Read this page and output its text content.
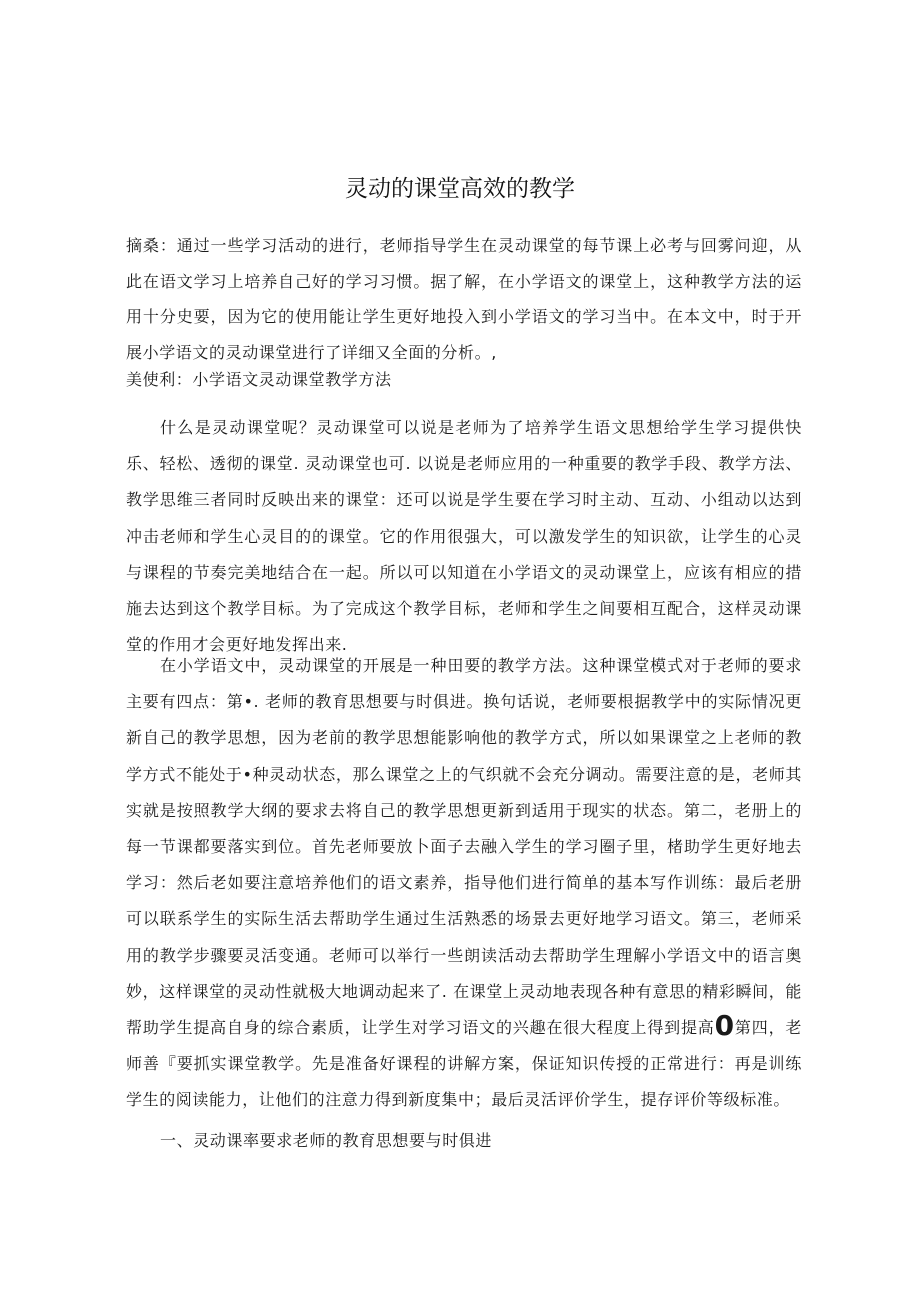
灵动的课堂高效的教学
摘桑：通过一些学习活动的进行，老师指导学生在灵动课堂的每节课上必考与回雾问迎，从此在语文学习上培养自己好的学习习惯。据了解，在小学语文的课堂上，这种教学方法的运用十分史要，因为它的使用能让学生更好地投入到小学语文的学习当中。在本文中，时于开展小学语文的灵动课堂进行了详细又全面的分析。,
美使利：小学语文灵动课堂教学方法
什么是灵动课堂呢？灵动课堂可以说是老师为了培养学生语文思想给学生学习提供快乐、轻松、透彻的课堂. 灵动课堂也可. 以说是老师应用的一种重要的教学手段、教学方法、教学思维三者同时反映出来的课堂：还可以说是学生要在学习时主动、互动、小组动以达到冲击老师和学生心灵目的的课堂。它的作用很强大，可以激发学生的知识欲，让学生的心灵与课程的节奏完美地结合在一起。所以可以知道在小学语文的灵动课堂上，应该有相应的措施去达到这个教学目标。为了完成这个教学目标，老师和学生之间要相互配合，这样灵动课堂的作用才会更好地发挥出来.
在小学语文中，灵动课堂的开展是一种田要的教学方法。这种课堂模式对于老师的要求主要有四点：第•. 老师的教育思想要与时俱进。换句话说，老师要根据教学中的实际情况更新自己的教学思想，因为老前的教学思想能影响他的教学方式，所以如果课堂之上老师的教学方式不能处于•种灵动状态，那么课堂之上的气织就不会充分调动。需要注意的是，老师其实就是按照教学大纲的要求去将自己的教学思想更新到适用于现实的状态。第二，老册上的每一节课都要落实到位。首先老师要放卜面子去融入学生的学习圈子里，楮助学生更好地去学习：然后老如要注意培养他们的语文素养，指导他们进行简单的基本写作训练：最后老册可以联系学生的实际生活去帮助学生通过生活熟悉的场景去更好地学习语文。第三，老师采用的教学步骤要灵活变通。老师可以举行一些朗读活动去帮助学生理解小学语文中的语言奥妙，这样课堂的灵动性就极大地调动起来了. 在课堂上灵动地表现各种有意思的精彩瞬间，能帮助学生提高自身的综合素质，让学生对学习语文的兴趣在很大程度上得到提高0第四，老师善『要抓实课堂教学。先是准备好课程的讲解方案，保证知识传授的正常进行：再是训练学生的阅读能力，让他们的注意力得到新度集中；最后灵活评价学生，提存评价等级标准。
一、灵动课率要求老师的教育思想要与时俱进
